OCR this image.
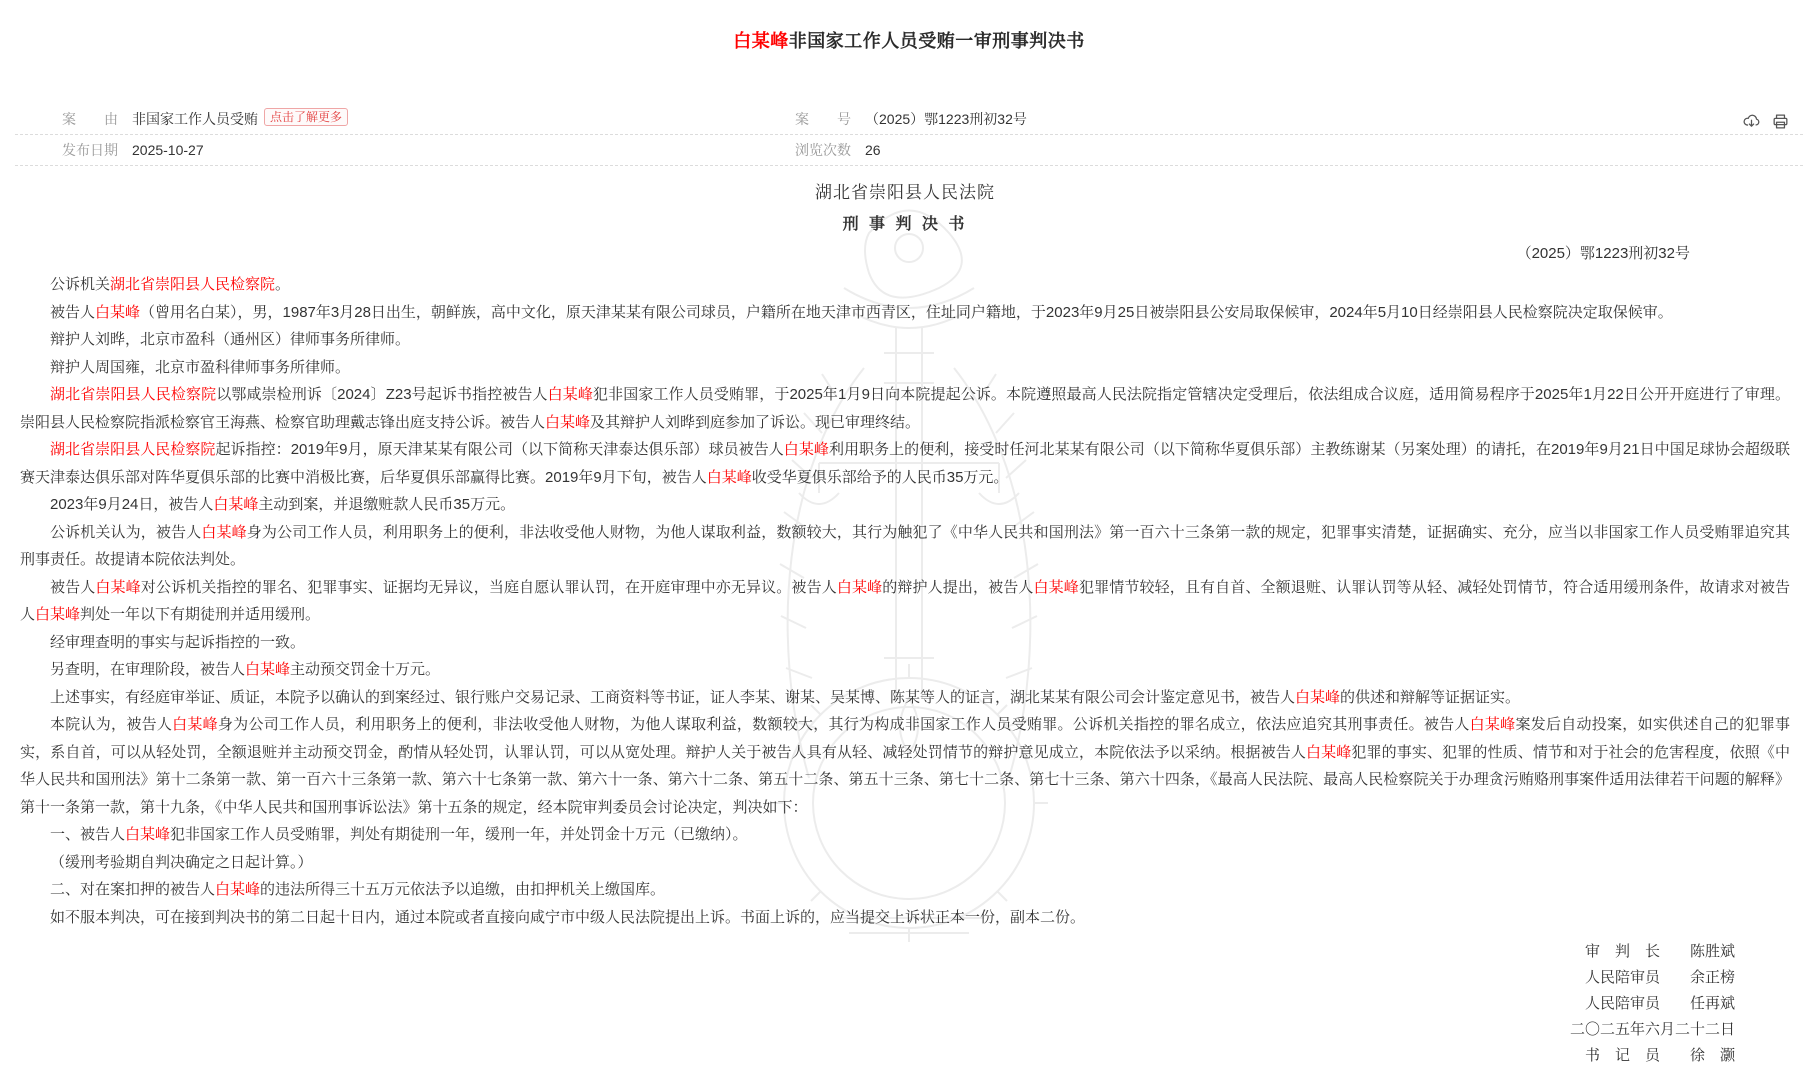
白某峰非国家工作人员受贿一审刑事判决书
案　　由 非国家工作人员受贿 点击了解更多	案　　号 （2025）鄂1223刑初32号
发布日期 2025-10-27	浏览次数 26
湖北省崇阳县人民法院
刑 事 判 决 书
（2025）鄂1223刑初32号
公诉机关湖北省崇阳县人民检察院。
被告人白某峰（曾用名白某），男，1987年3月28日出生，朝鲜族，高中文化，原天津某某有限公司球员，户籍所在地天津市西青区，住址同户籍地，于2023年9月25日被崇阳县公安局取保候审，2024年5月10日经崇阳县人民检察院决定取保候审。
辩护人刘晔，北京市盈科（通州区）律师事务所律师。
辩护人周国雍，北京市盈科律师事务所律师。
湖北省崇阳县人民检察院以鄂咸崇检刑诉〔2024〕Z23号起诉书指控被告人白某峰犯非国家工作人员受贿罪，于2025年1月9日向本院提起公诉。本院遵照最高人民法院指定管辖决定受理后，依法组成合议庭，适用简易程序于2025年1月22日公开开庭进行了审理。崇阳县人民检察院指派检察官王海燕、检察官助理戴志锋出庭支持公诉。被告人白某峰及其辩护人刘晔到庭参加了诉讼。现已审理终结。
湖北省崇阳县人民检察院起诉指控：2019年9月，原天津某某有限公司（以下简称天津泰达俱乐部）球员被告人白某峰利用职务上的便利，接受时任河北某某有限公司（以下简称华夏俱乐部）主教练谢某（另案处理）的请托，在2019年9月21日中国足球协会超级联赛天津泰达俱乐部对阵华夏俱乐部的比赛中消极比赛，后华夏俱乐部赢得比赛。2019年9月下旬，被告人白某峰收受华夏俱乐部给予的人民币35万元。
2023年9月24日，被告人白某峰主动到案，并退缴赃款人民币35万元。
公诉机关认为，被告人白某峰身为公司工作人员，利用职务上的便利，非法收受他人财物，为他人谋取利益，数额较大，其行为触犯了《中华人民共和国刑法》第一百六十三条第一款的规定，犯罪事实清楚，证据确实、充分，应当以非国家工作人员受贿罪追究其刑事责任。故提请本院依法判处。
被告人白某峰对公诉机关指控的罪名、犯罪事实、证据均无异议，当庭自愿认罪认罚，在开庭审理中亦无异议。被告人白某峰的辩护人提出，被告人白某峰犯罪情节较轻，且有自首、全额退赃、认罪认罚等从轻、减轻处罚情节，符合适用缓刑条件，故请求对被告人白某峰判处一年以下有期徒刑并适用缓刑。
经审理查明的事实与起诉指控的一致。
另查明，在审理阶段，被告人白某峰主动预交罚金十万元。
上述事实，有经庭审举证、质证，本院予以确认的到案经过、银行账户交易记录、工商资料等书证，证人李某、谢某、吴某博、陈某等人的证言，湖北某某有限公司会计鉴定意见书，被告人白某峰的供述和辩解等证据证实。
本院认为，被告人白某峰身为公司工作人员，利用职务上的便利，非法收受他人财物，为他人谋取利益，数额较大，其行为构成非国家工作人员受贿罪。公诉机关指控的罪名成立，依法应追究其刑事责任。被告人白某峰案发后自动投案，如实供述自己的犯罪事实，系自首，可以从轻处罚，全额退赃并主动预交罚金，酌情从轻处罚，认罪认罚，可以从宽处理。辩护人关于被告人具有从轻、减轻处罚情节的辩护意见成立，本院依法予以采纳。根据被告人白某峰犯罪的事实、犯罪的性质、情节和对于社会的危害程度，依照《中华人民共和国刑法》第十二条第一款、第一百六十三条第一款、第六十七条第一款、第六十一条、第六十二条、第五十二条、第五十三条、第七十二条、第七十三条、第六十四条，《最高人民法院、最高人民检察院关于办理贪污贿赂刑事案件适用法律若干问题的解释》第十一条第一款，第十九条，《中华人民共和国刑事诉讼法》第十五条的规定，经本院审判委员会讨论决定，判决如下：
一、被告人白某峰犯非国家工作人员受贿罪，判处有期徒刑一年，缓刑一年，并处罚金十万元（已缴纳）。
（缓刑考验期自判决确定之日起计算。）
二、对在案扣押的被告人白某峰的违法所得三十五万元依法予以追缴，由扣押机关上缴国库。
如不服本判决，可在接到判决书的第二日起十日内，通过本院或者直接向咸宁市中级人民法院提出上诉。书面上诉的，应当提交上诉状正本一份，副本二份。
审　判　长　　陈胜斌
人民陪审员　　余正榜
人民陪审员　　任再斌
二〇二五年六月二十二日
书　记　员　　徐　灏
